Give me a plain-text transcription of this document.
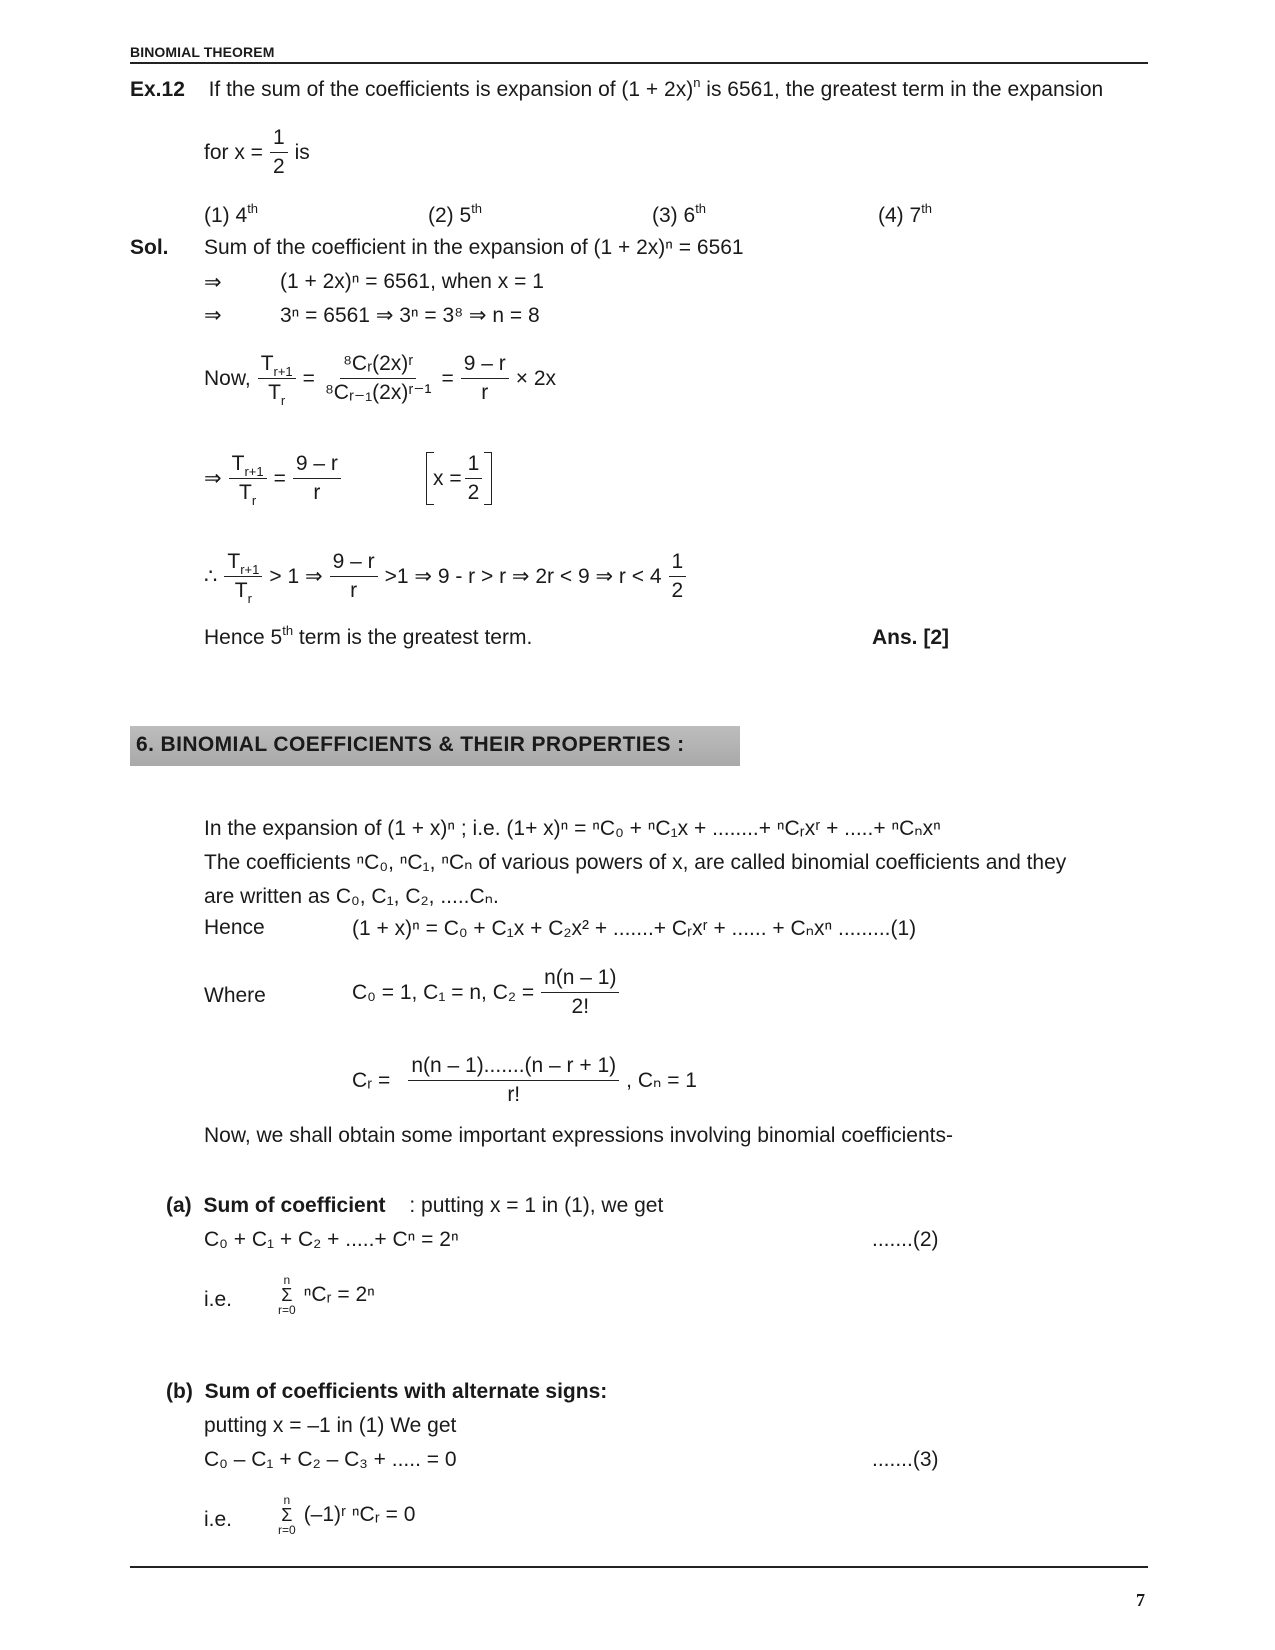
BINOMIAL THEOREM
Ex.12 If the sum of the coefficients is expansion of $(1 + 2x)^n$ is 6561, the greatest term in the expansion
for $x = \frac{1}{2}$ is
(1) 4th	(2) 5th	(3) 6th	(4) 7th
Sol. Sum of the coefficient in the expansion of (1 + 2x)ⁿ = 6561
⇒	(1 + 2x)ⁿ = 6561, when x = 1
⇒	3ⁿ = 6561 ⇒ 3ⁿ = 3⁸ ⇒ n = 8
Now, $\frac{T_{r+1}}{T_r} = \frac{\text{⁸Cᵣ(2x)ʳ}}{\text{⁸Cᵣ₋₁(2x)ʳ⁻¹}} = \frac{9 - r}{r} \times 2x$
⇒ $\frac{T_{r+1}}{T_r} = \frac{9 - r}{r}$	$x = \frac{1}{2}$
∴ $\frac{T_{r+1}}{T_r} > 1$ ⇒ $\frac{9 - r}{r} >1$ ⇒ 9 - r > r ⇒ 2r < 9 ⇒ $r < 4 \frac{1}{2}$
Hence 5th term is the greatest term.	Ans. [2]
6. BINOMIAL COEFFICIENTS & THEIR PROPERTIES :
In the expansion of (1 + x)ⁿ ; i.e. (1+ x)ⁿ = ⁿC₀ + ⁿC₁x + ........+ ⁿCᵣxʳ + .....+ ⁿCₙxⁿ
The coefficients ⁿC₀, ⁿC₁, ⁿCₙ of various powers of x, are called binomial coefficients and they
are written as C₀, C₁, C₂, .....Cₙ.
Hence	(1 + x)ⁿ = C₀ + C₁x + C₂x² + .......+ Cᵣxʳ + ...... + Cₙxⁿ .........(1)
Where	C₀ = 1, C₁ = n, $C_2 = \frac{n(n - 1)}{2!}$
Cᵣ = $\frac{n(n - 1).......(n - r + 1)}{r!}$ , Cₙ = 1
Now, we shall obtain some important expressions involving binomial coefficients-
(a) Sum of coefficient : putting x = 1 in (1), we get
C₀ + C₁ + C₂ + .....+ Cⁿ = 2ⁿ	.......(2)
i.e.
n
Σ
r=0
ⁿCᵣ = 2ⁿ
(b) Sum of coefficients with alternate signs:
putting x = –1 in (1) We get
C₀ – C₁ + C₂ – C₃ + ..... = 0	.......(3)
i.e.
n
Σ
r=0
(–1)ʳ ⁿCᵣ = 0
7
